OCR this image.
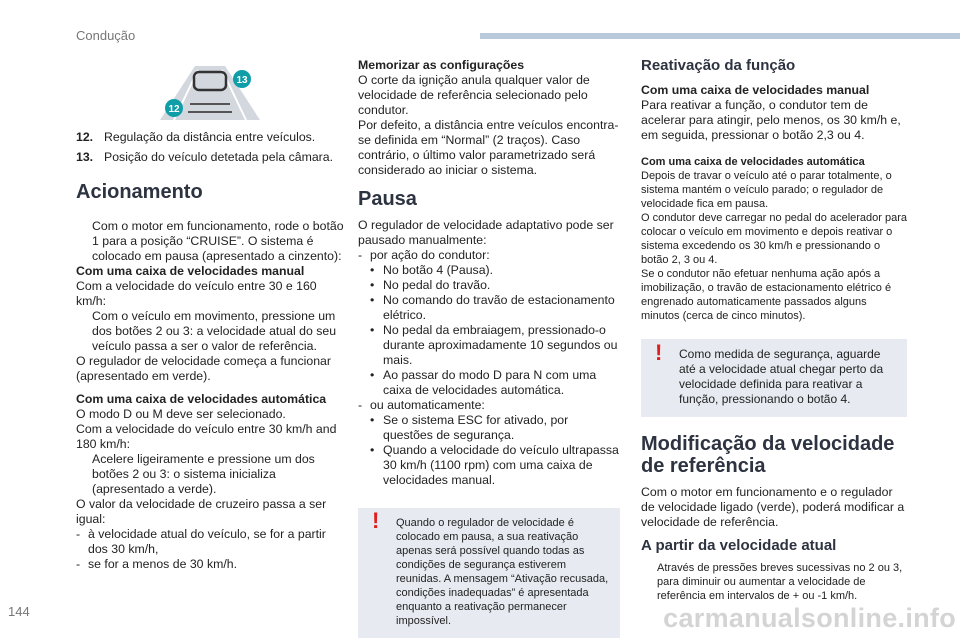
Condução
144	carmanualsonline.info
12
13
12. Regulação da distância entre veículos.
13. Posição do veículo detetada pela câmara.
Acionamento
Com o motor em funcionamento, rode o botão 1 para a posição “CRUISE”. O sistema é colocado em pausa (apresentado a cinzento):

Com uma caixa de velocidades manual

Com a velocidade do veículo entre 30 e 160 km/h:

Com o veículo em movimento, pressione um dos botões 2 ou 3: a velocidade atual do seu veículo passa a ser o valor de referência.

O regulador de velocidade começa a funcionar (apresentado em verde).

Com uma caixa de velocidades automática

O modo D ou M deve ser selecionado.

Com a velocidade do veículo entre 30 km/h and 180 km/h:

Acelere ligeiramente e pressione um dos botões 2 ou 3: o sistema inicializa (apresentado a verde).

O valor da velocidade de cruzeiro passa a ser igual:

- à velocidade atual do veículo, se for a partir dos 30 km/h,
- se for a menos de 30 km/h.

Memorizar as configurações

O corte da ignição anula qualquer valor de velocidade de referência selecionado pelo condutor.

Por defeito, a distância entre veículos encontra-se definida em “Normal” (2 traços). Caso contrário, o último valor parametrizado será considerado ao iniciar o sistema.

Pausa

O regulador de velocidade adaptativo pode ser pausado manualmente:

- por ação do condutor:
• No botão 4 (Pausa).
• No pedal do travão.
• No comando do travão de estacionamento elétrico.
• No pedal da embraiagem, pressionado-o durante aproximadamente 10 segundos ou mais.
• Ao passar do modo D para N com uma caixa de velocidades automática.
- ou automaticamente:
• Se o sistema ESC for ativado, por questões de segurança.
• Quando a velocidade do veículo ultrapassa 30 km/h (1100 rpm) com uma caixa de velocidades manual.
! Quando o regulador de velocidade é colocado em pausa, a sua reativação apenas será possível quando todas as condições de segurança estiverem reunidas. A mensagem “Ativação recusada, condições inadequadas” é apresentada enquanto a reativação permanecer impossível.
Reativação da função

Com uma caixa de velocidades manual

Para reativar a função, o condutor tem de acelerar para atingir, pelo menos, os 30 km/h e, em seguida, pressionar o botão 2,3 ou 4.

Com uma caixa de velocidades automática

Depois de travar o veículo até o parar totalmente, o sistema mantém o veículo parado; o regulador de velocidade fica em pausa.

O condutor deve carregar no pedal do acelerador para colocar o veículo em movimento e depois reativar o sistema excedendo os 30 km/h e pressionando o botão 2, 3 ou 4.

Se o condutor não efetuar nenhuma ação após a imobilização, o travão de estacionamento elétrico é engrenado automaticamente passados alguns minutos (cerca de cinco minutos).

! Como medida de segurança, aguarde até a velocidade atual chegar perto da velocidade definida para reativar a função, pressionando o botão 4.
Modificação da velocidade de referência

Com o motor em funcionamento e o regulador de velocidade ligado (verde), poderá modificar a velocidade de referência.

A partir da velocidade atual
Através de pressões breves sucessivas no 2 ou 3, para diminuir ou aumentar a velocidade de referência em intervalos de + ou -1 km/h.
